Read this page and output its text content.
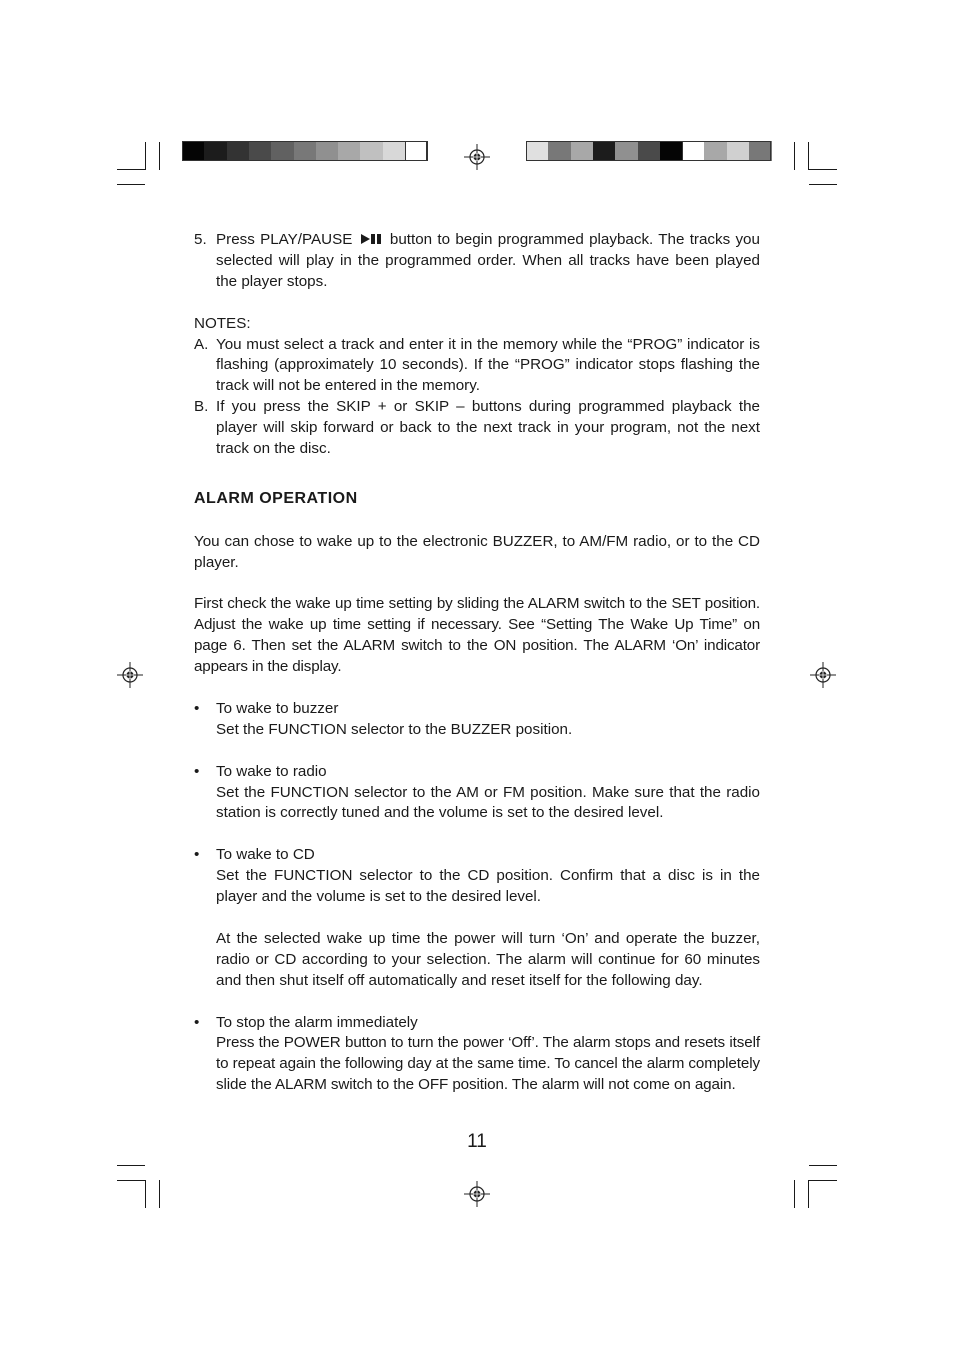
5. Press PLAY/PAUSE button to begin programmed playback. The tracks you selected will play in the programmed order. When all tracks have been played the player stops.

NOTES:

A. You must select a track and enter it in the memory while the “PROG” indicator is flashing (approximately 10 seconds). If the “PROG” indicator stops flashing the track will not be entered in the memory.

B. If you press the SKIP + or SKIP – buttons during programmed playback the player will skip forward or back to the next track in your program, not the next track on the disc.

ALARM OPERATION

You can chose to wake up to the electronic BUZZER, to AM/FM radio, or to the CD player.

First check the wake up time setting by sliding the ALARM switch to the SET position. Adjust the wake up time setting if necessary. See “Setting The Wake Up Time” on page 6. Then set the ALARM switch to the ON position. The ALARM ‘On’ indicator appears in the display.

• To wake to buzzer

Set the FUNCTION selector to the BUZZER position.

• To wake to radio

Set the FUNCTION selector to the AM or FM position. Make sure that the radio station is correctly tuned and the volume is set to the desired level.

• To wake to CD

Set the FUNCTION selector to the CD position. Confirm that a disc is in the player and the volume is set to the desired level.

At the selected wake up time the power will turn ‘On’ and operate the buzzer, radio or CD according to your selection. The alarm will continue for 60 minutes and then shut itself off automatically and reset itself for the following day.

• To stop the alarm immediately

Press the POWER button to turn the power ‘Off’. The alarm stops and resets itself to repeat again the following day at the same time. To cancel the alarm completely slide the ALARM switch to the OFF position. The alarm will not come on again.

11
